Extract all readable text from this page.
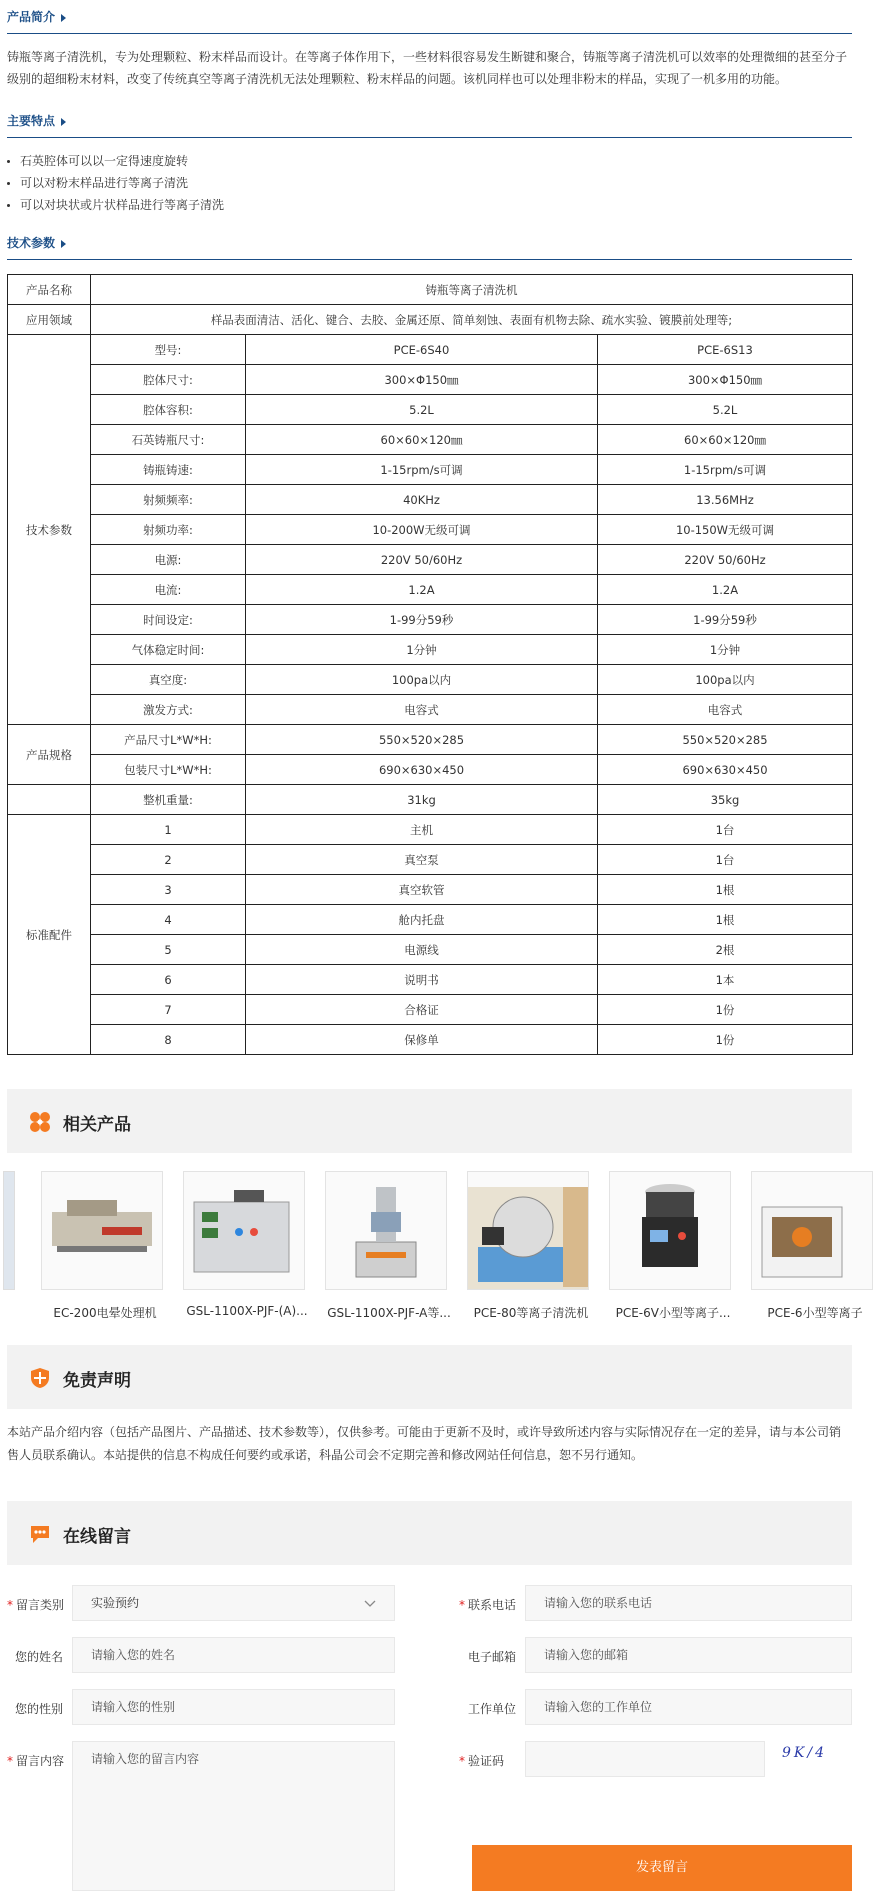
产品简介
铸瓶等离子清洗机，专为处理颗粒、粉末样品而设计。在等离子体作用下，一些材料很容易发生断键和聚合，铸瓶等离子清洗机可以效率的处理微细的甚至分子级别的超细粉末材料，改变了传统真空等离子清洗机无法处理颗粒、粉末样品的问题。该机同样也可以处理非粉末的样品，实现了一机多用的功能。
主要特点
石英腔体可以以一定得速度旋转
可以对粉末样品进行等离子清洗
可以对块状或片状样品进行等离子清洗
技术参数
产品名称	铸瓶等离子清洗机		
应用领域	样品表面清洁、活化、键合、去胶、金属还原、简单刻蚀、表面有机物去除、疏水实验、镀膜前处理等;		
技术参数	型号:	PCE-6S40	PCE-6S13
	腔体尺寸:	300×Φ150㎜	300×Φ150㎜
	腔体容积:	5.2L	5.2L
	石英铸瓶尺寸:	60×60×120㎜	60×60×120㎜
	铸瓶铸速:	1-15rpm/s可调	1-15rpm/s可调
	射频频率:	40KHz	13.56MHz
	射频功率:	10-200W无级可调	10-150W无级可调
	电源:	220V 50/60Hz	220V 50/60Hz
	电流:	1.2A	1.2A
	时间设定:	1-99分59秒	1-99分59秒
	气体稳定时间:	1分钟	1分钟
	真空度:	100pa以内	100pa以内
	激发方式:	电容式	电容式
产品规格	产品尺寸L*W*H:	550×520×285	550×520×285
	包装尺寸L*W*H:	690×630×450	690×630×450
	整机重量:	31kg	35kg
标准配件	1	主机	1台
	2	真空泵	1台
	3	真空软管	1根
	4	舱内托盘	1根
	5	电源线	2根
	6	说明书	1本
	7	合格证	1份
	8	保修单	1份
相关产品
EC-200电晕处理机	GSL-1100X-PJF-(A)... GSL-1100X-PJF-A等...	PCE-80等离子清洗机	PCE-6V小型等离子...	PCE-6小型等离子
免责声明
本站产品介绍内容（包括产品图片、产品描述、技术参数等），仅供参考。可能由于更新不及时，或许导致所述内容与实际情况存在一定的差异，请与本公司销售人员联系确认。本站提供的信息不构成任何要约或承诺，科晶公司会不定期完善和修改网站任何信息，恕不另行通知。
在线留言
* 留言类别	实验预约
您的姓名	请输入您的姓名
您的性别	请输入您的性别
* 留言内容	请输入您的留言内容
* 联系电话	请输入您的联系电话
电子邮箱	请输入您的邮箱
工作单位	请输入您的工作单位
* 验证码	9K/4
发表留言
